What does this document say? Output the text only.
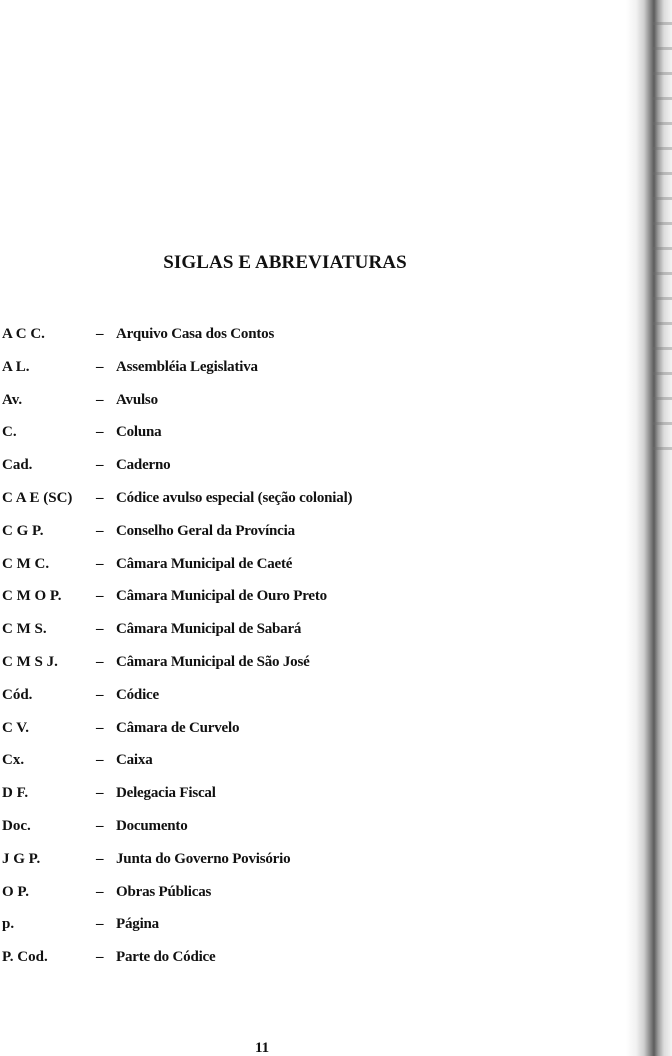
SIGLAS E ABREVIATURAS
A C C.	– Arquivo Casa dos Contos
A L.	– Assembléia Legislativa
Av.	– Avulso
C.	– Coluna
Cad.	– Caderno
C A E (SC)	– Códice avulso especial (seção colonial)
C G P.	– Conselho Geral da Província
C M C.	– Câmara Municipal de Caeté
C M O P.	– Câmara Municipal de Ouro Preto
C M S.	– Câmara Municipal de Sabará
C M S J.	– Câmara Municipal de São José
Cód.	– Códice
C V.	– Câmara de Curvelo
Cx.	– Caixa
D F.	– Delegacia Fiscal
Doc.	– Documento
J G P.	– Junta do Governo Povisório
O P.	– Obras Públicas
p.	– Página
P. Cod.	– Parte do Códice
11
